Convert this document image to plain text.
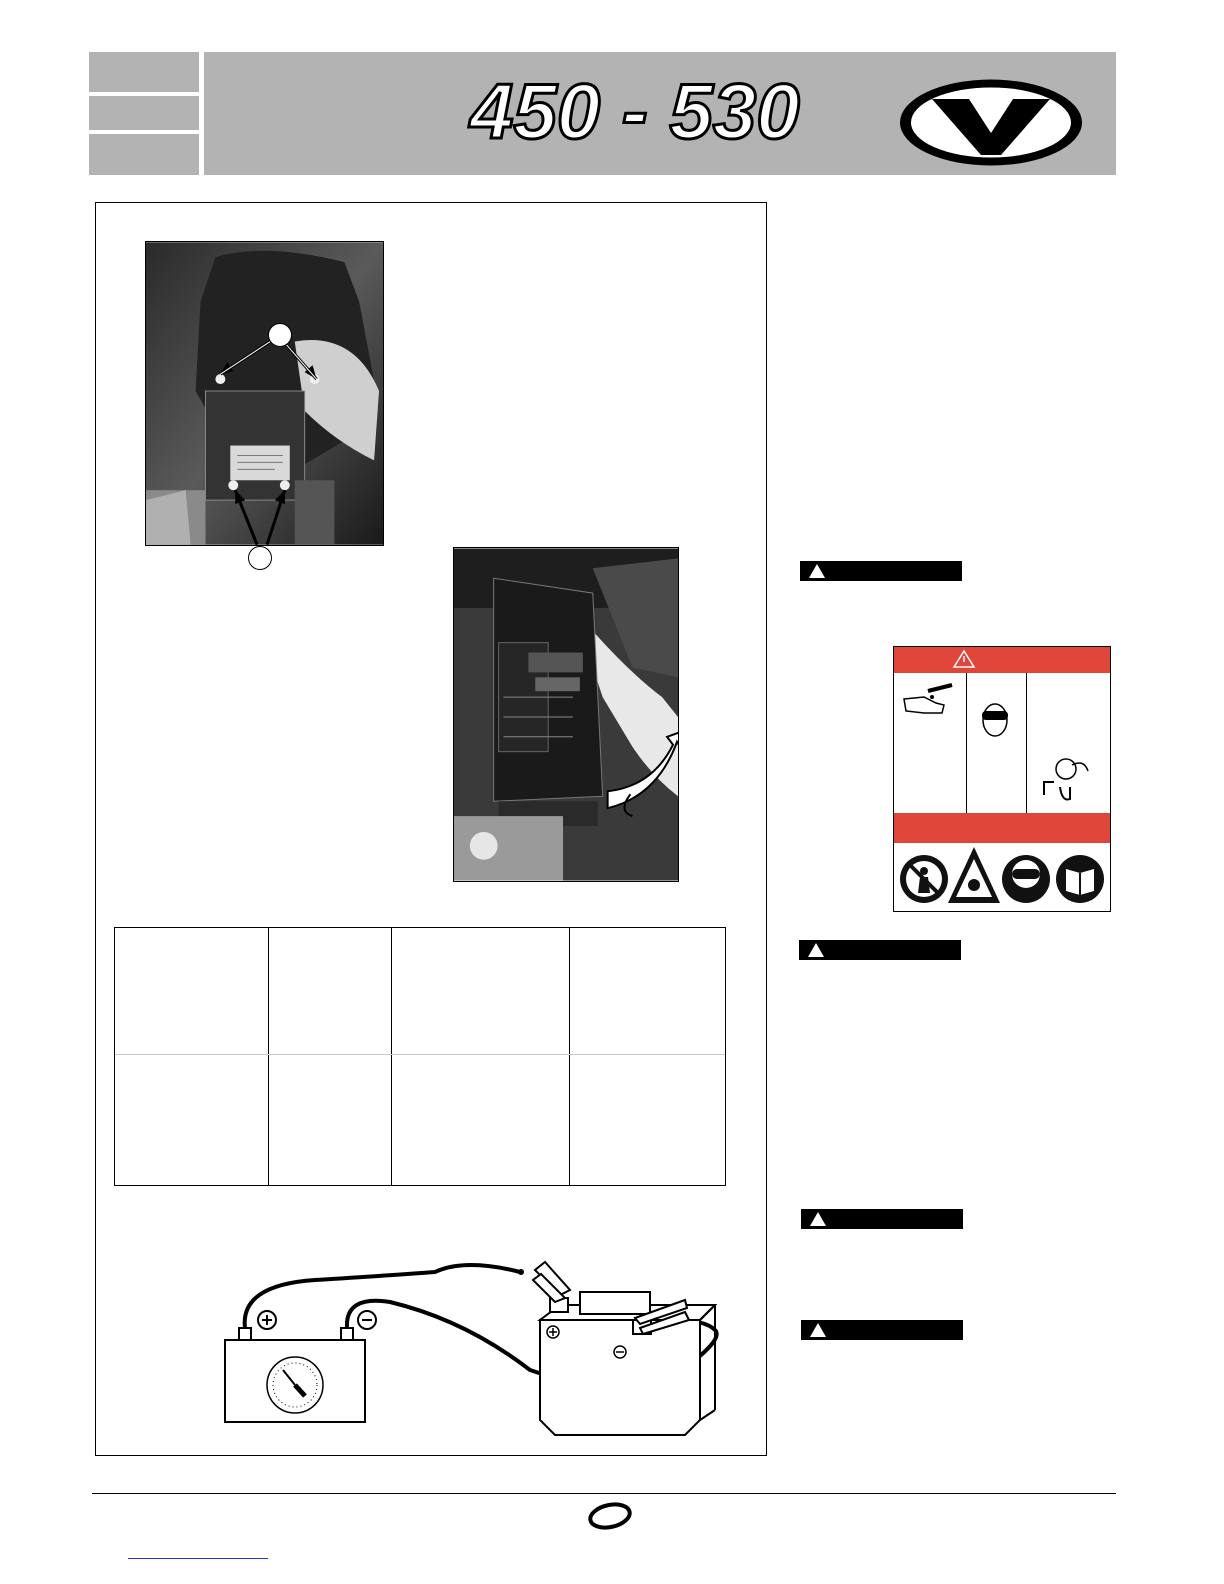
450 - 530
